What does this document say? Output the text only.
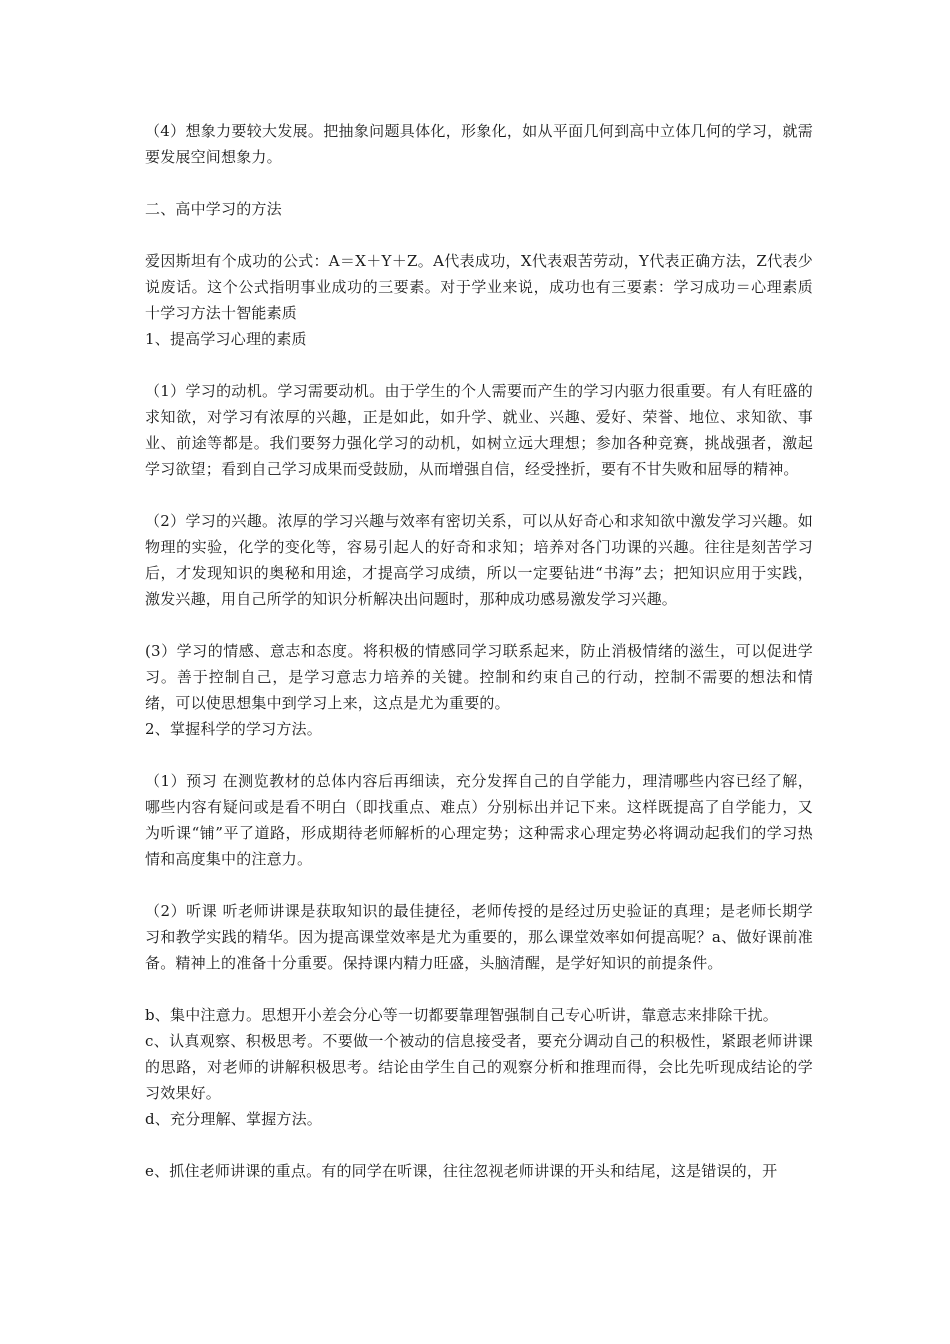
（4）想象力要较大发展。把抽象问题具体化，形象化，如从平面几何到高中立体几何的学习，就需要发展空间想象力。

二、高中学习的方法

爱因斯坦有个成功的公式：A＝X＋Y＋Z。A代表成功，X代表艰苦劳动，Y代表正确方法，Z代表少说废话。这个公式指明事业成功的三要素。对于学业来说，成功也有三要素：学习成功＝心理素质十学习方法十智能素质

1、提高学习心理的素质

（1）学习的动机。学习需要动机。由于学生的个人需要而产生的学习内驱力很重要。有人有旺盛的求知欲，对学习有浓厚的兴趣，正是如此，如升学、就业、兴趣、爱好、荣誉、地位、求知欲、事业、前途等都是。我们要努力强化学习的动机，如树立远大理想；参加各种竞赛，挑战强者，激起学习欲望；看到自己学习成果而受鼓励，从而增强自信，经受挫折，要有不甘失败和屈辱的精神。

（2）学习的兴趣。浓厚的学习兴趣与效率有密切关系，可以从好奇心和求知欲中激发学习兴趣。如物理的实验，化学的变化等，容易引起人的好奇和求知；培养对各门功课的兴趣。往往是刻苦学习后，才发现知识的奥秘和用途，才提高学习成绩，所以一定要钻进“书海”去；把知识应用于实践，激发兴趣，用自己所学的知识分析解决出问题时，那种成功感易激发学习兴趣。

(3）学习的情感、意志和态度。将积极的情感同学习联系起来，防止消极情绪的滋生，可以促进学习。善于控制自己，是学习意志力培养的关键。控制和约束自己的行动，控制不需要的想法和情绪，可以使思想集中到学习上来，这点是尤为重要的。

2、掌握科学的学习方法。

（1）预习 在测览教材的总体内容后再细读，充分发挥自己的自学能力，理清哪些内容已经了解，哪些内容有疑问或是看不明白（即找重点、难点）分别标出并记下来。这样既提高了自学能力，又为听课“铺”平了道路，形成期待老师解析的心理定势；这种需求心理定势必将调动起我们的学习热情和高度集中的注意力。

（2）听课 听老师讲课是获取知识的最佳捷径，老师传授的是经过历史验证的真理；是老师长期学习和教学实践的精华。因为提高课堂效率是尤为重要的，那么课堂效率如何提高呢？a、做好课前准备。精神上的准备十分重要。保持课内精力旺盛，头脑清醒，是学好知识的前提条件。

b、集中注意力。思想开小差会分心等一切都要靠理智强制自己专心听讲，靠意志来排除干扰。

c、认真观察、积极思考。不要做一个被动的信息接受者，要充分调动自己的积极性，紧跟老师讲课的思路，对老师的讲解积极思考。结论由学生自己的观察分析和推理而得，会比先听现成结论的学习效果好。

d、充分理解、掌握方法。

e、抓住老师讲课的重点。有的同学在听课，往往忽视老师讲课的开头和结尾，这是错误的，开
